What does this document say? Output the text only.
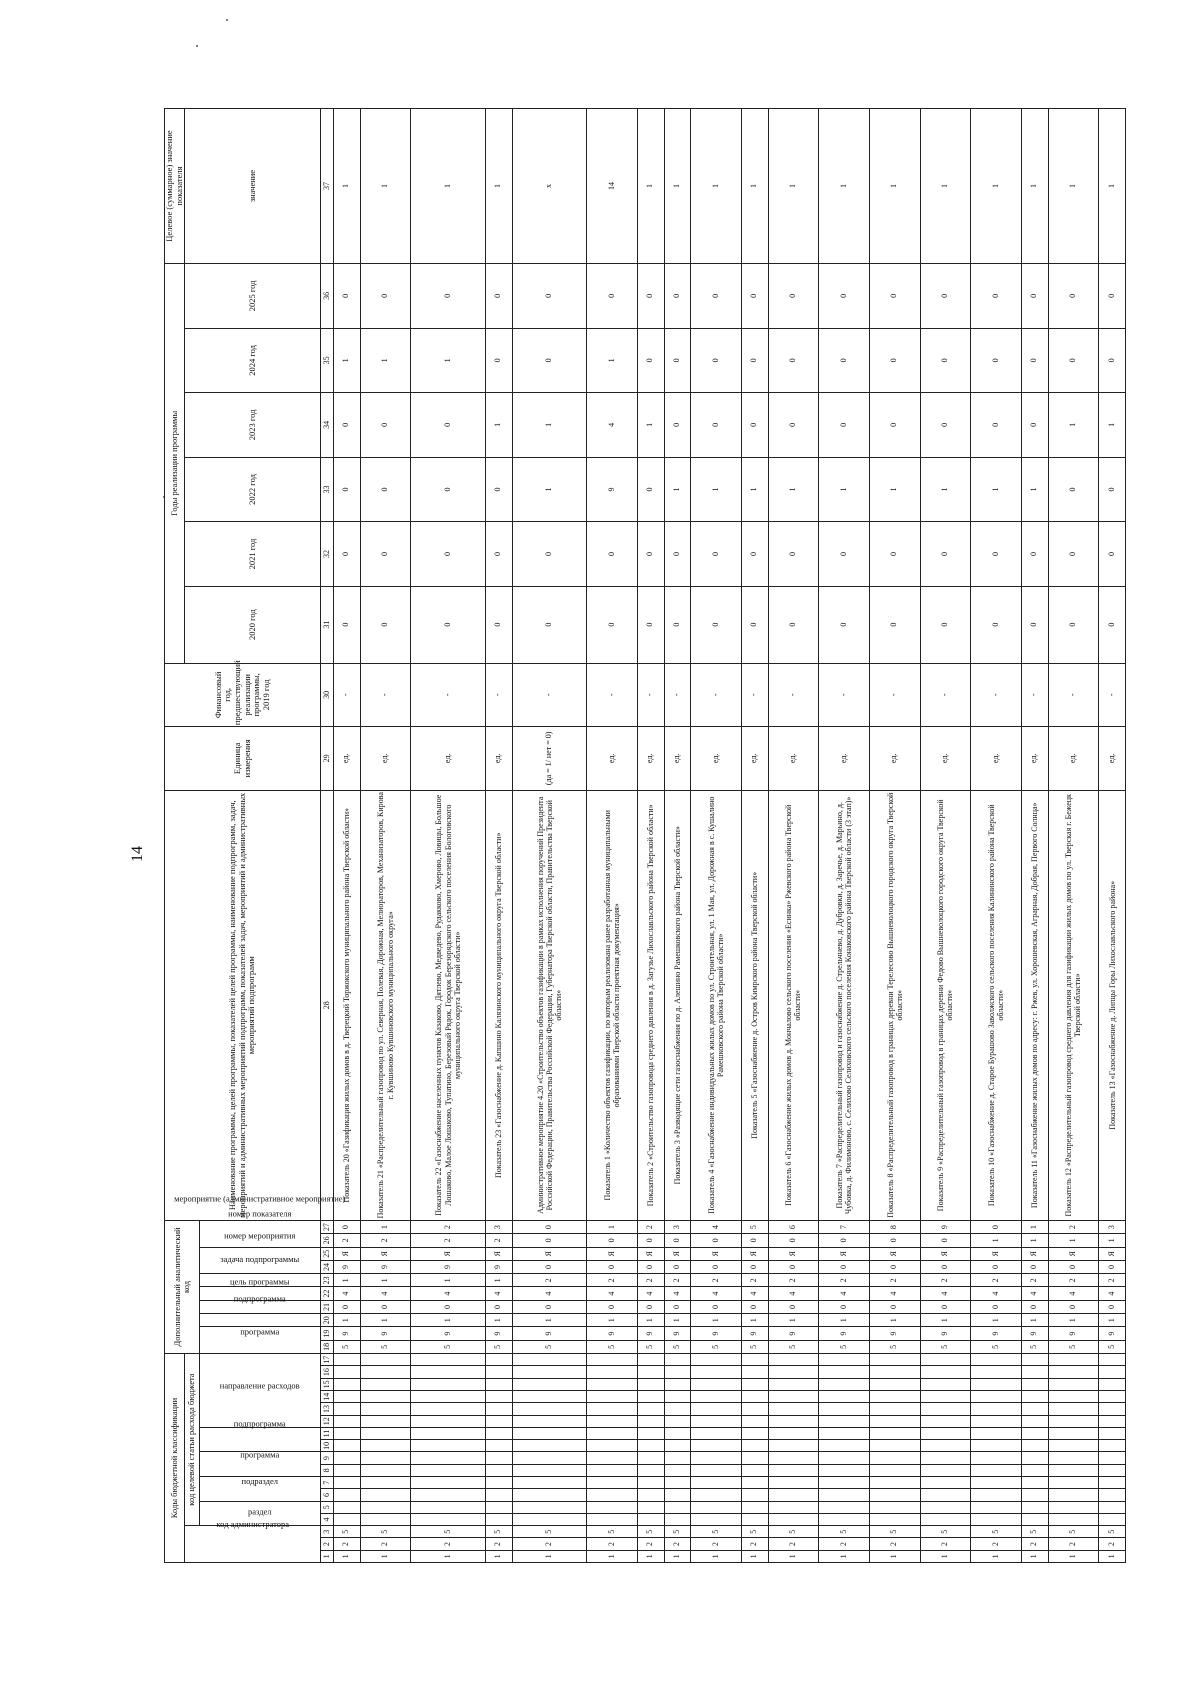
14
Коды бюджетной классификации																	Дополнительный аналитический код										Наименование программы, целей программы, показателей целей программы, наименование подпрограмм, задач, мероприятий и административных мероприятий подпрограмм, показателей задач, мероприятий и административных мероприятий подпрограмм	Единица измерения	Финансовый год, предшествующий реализации программы, 2019 год	Годы реализации программы						Целевое (суммарное) значение показателя
код администратора			код целевой статьи расхода бюджета																											2020 год	2021 год	2022 год	2023 год	2024 год	2025 год	значение
			раздел		подраздел		программа		подпрограмма		направление расходов						программа		подпрограмма	цель программы	задача подпрограммы	мероприятие (административное мероприятие)	номер мероприятия		номер показателя											
1	2	3	4	5	6	7	8	9	10	11	12	13	14	15	16	17	18	19	20	21	22	23	24	25	26	27	28	29	30	31	32	33	34	35	36	37
1	2	5															5	9	1	0	4	1	9	Я	2	0	Показатель 20 «Газификация жилых домов в д. Тверецкий Торжокского муниципального района Тверской области»	ед.	-	0	0	0	0	1	0	1
1	2	5															5	9	1	0	4	1	9	Я	2	1	Показатель 21 «Распределительный газопровод по ул. Северная, Полевая, Дорожная, Мелиораторов, Механизаторов, Кирова г. Кувшиново Кувшиновского муниципального округа»	ед.	-	0	0	0	0	1	0	1
1	2	5															5	9	1	0	4	1	9	Я	2	2	Показатель 22 «Газоснабжение населенных пунктов Казаково, Дятлево, Медведево, Рудакково, Хмерово, Ловицы, Большое Лошаково, Малое Лошаково, Тупатино, Березовый Рядок, Городок Березорядского сельского поселения Бологовского муниципального округа Тверской области»	ед.	-	0	0	0	0	1	0	1
1	2	5															5	9	1	0	4	1	9	Я	2	3	Показатель 23 «Газоснабжение д. Капшино Калязинского муниципального округа Тверской области»	ед.	-	0	0	0	1	0	0	1
1	2	5															5	9	1	0	4	2	0	Я	0	0	Административное мероприятие 4.20 «Строительство объектов газификации в рамках исполнения поручений Президента Российской Федерации, Правительства Российской Федерации, Губернатора Тверской области, Правительства Тверской области»	(да = 1/ нет = 0)	-	0	0	1	1	0	0	x
1	2	5															5	9	1	0	4	2	0	Я	0	1	Показатель 1 «Количество объектов газификации, по которым реализована ранее разработанная муниципальными образованиями Тверской области проектная документация»	ед.	-	0	0	9	4	1	0	14
1	2	5															5	9	1	0	4	2	0	Я	0	2	Показатель 2 «Строительство газопровода среднего давления в д. Загузье Лихославльского района Тверской области»	ед.	-	0	0	0	1	0	0	1
1	2	5															5	9	1	0	4	2	0	Я	0	3	Показатель 3 «Разводящие сети газоснабжения по д. Алешино Рамешковского района Тверской области»	ед.	-	0	0	1	0	0	0	1
1	2	5															5	9	1	0	4	2	0	Я	0	4	Показатель 4 «Газоснабжение индивидуальных жилых домов по ул. Строительная, ул. 1 Мая, ул. Дорожная в с. Кушалино Рамешковского района Тверской области»	ед.	-	0	0	1	0	0	0	1
1	2	5															5	9	1	0	4	2	0	Я	0	5	Показатель 5 «Газоснабжение д. Остров Кимрского района Тверской области»	ед.	-	0	0	1	0	0	0	1
1	2	5															5	9	1	0	4	2	0	Я	0	6	Показатель 6 «Газоснабжение жилых домов д. Мончалово сельского поселения «Есинка» Ржевского района Тверской области»	ед.	-	0	0	1	0	0	0	1
1	2	5															5	9	1	0	4	2	0	Я	0	7	Показатель 7 «Распределительный газопровод и газоснабжение д. Стрельчнево, д. Дубровки, д. Заречье, д. Марьино, д. Чубовка, д. Филимоново, с. Селихово Селиховского сельского поселения Конаковского района Тверской области (3 этап)»	ед.	-	0	0	1	0	0	0	1
1	2	5															5	9	1	0	4	2	0	Я	0	8	Показатель 8 «Распределительный газопровод в границах деревни Терелесово Вышневолоцкого городского округа Тверской области»	ед.	-	0	0	1	0	0	0	1
1	2	5															5	9	1	0	4	2	0	Я	0	9	Показатель 9 «Распределительный газопровод в границах деревни Федово Вышневолоцкого городского округа Тверской области»	ед.	-	0	0	1	0	0	0	1
1	2	5															5	9	1	0	4	2	0	Я	1	0	Показатель 10 «Газоснабжение д. Старое Бурашово Заволжского сельского поселения Калининского района Тверской области»	ед.	-	0	0	1	0	0	0	1
1	2	5															5	9	1	0	4	2	0	Я	1	1	Показатель 11 «Газоснабжение жилых домов по адресу: г. Ржев, ул. Хорошевская, Аграрная, Добрая, Первого Солнца»	ед.	-	0	0	1	0	0	0	1
1	2	5															5	9	1	0	4	2	0	Я	1	2	Показатель 12 «Распределительный газопровод среднего давления для газификации жилых домов по ул. Тверская г. Бежецк Тверской области»	ед.	-	0	0	0	1	0	0	1
1	2	5															5	9	1	0	4	2	0	Я	1	3	Показатель 13 «Газоснабжение д. Липцы Горы Лихославльского района»	ед.	-	0	0	0	1	0	0	1
